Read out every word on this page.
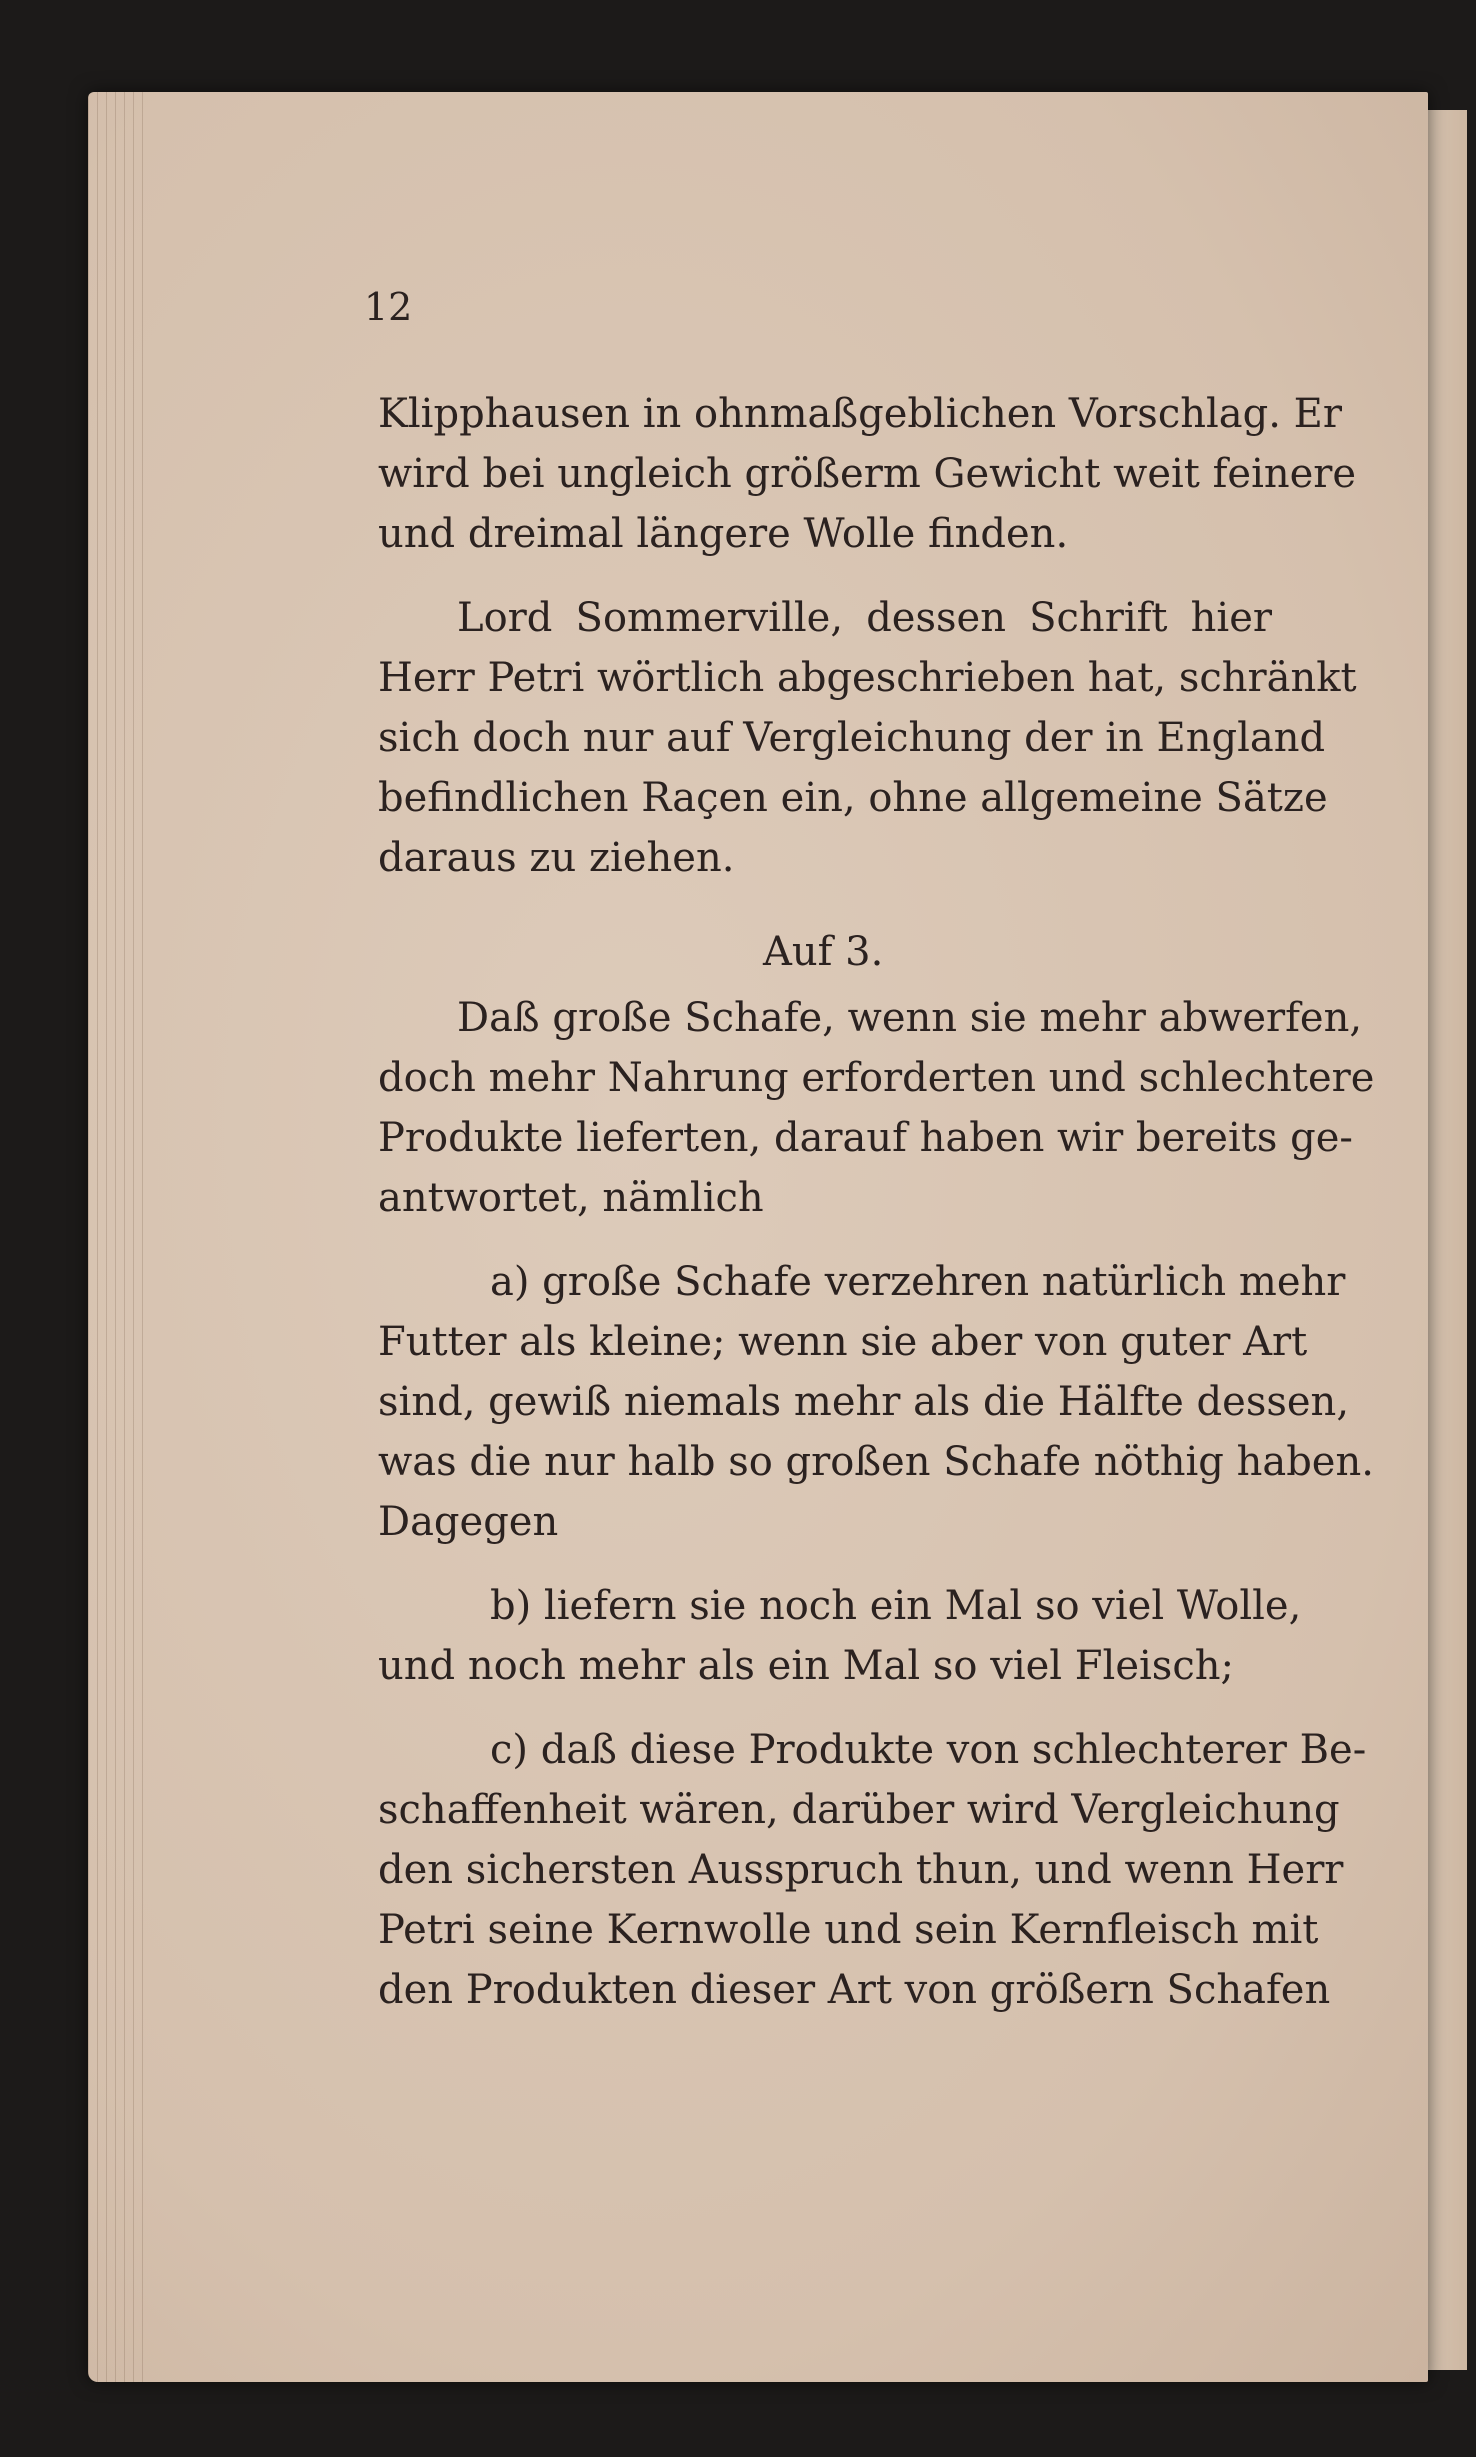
12
Klipphausen in ohnmaßgeblichen Vorschlag. Er
wird bei ungleich größerm Gewicht weit feinere
und dreimal längere Wolle finden.
Lord Sommerville, dessen Schrift hier
Herr Petri wörtlich abgeschrieben hat, schränkt
sich doch nur auf Vergleichung der in England
befindlichen Raçen ein, ohne allgemeine Sätze
daraus zu ziehen.
Auf 3.
Daß große Schafe, wenn sie mehr abwerfen,
doch mehr Nahrung erforderten und schlechtere
Produkte lieferten, darauf haben wir bereits ge-
antwortet, nämlich
a) große Schafe verzehren natürlich mehr
Futter als kleine; wenn sie aber von guter Art
sind, gewiß niemals mehr als die Hälfte dessen,
was die nur halb so großen Schafe nöthig haben.
Dagegen
b) liefern sie noch ein Mal so viel Wolle,
und noch mehr als ein Mal so viel Fleisch;
c) daß diese Produkte von schlechterer Be-
schaffenheit wären, darüber wird Vergleichung
den sichersten Ausspruch thun, und wenn Herr
Petri seine Kernwolle und sein Kernfleisch mit
den Produkten dieser Art von größern Schafen
